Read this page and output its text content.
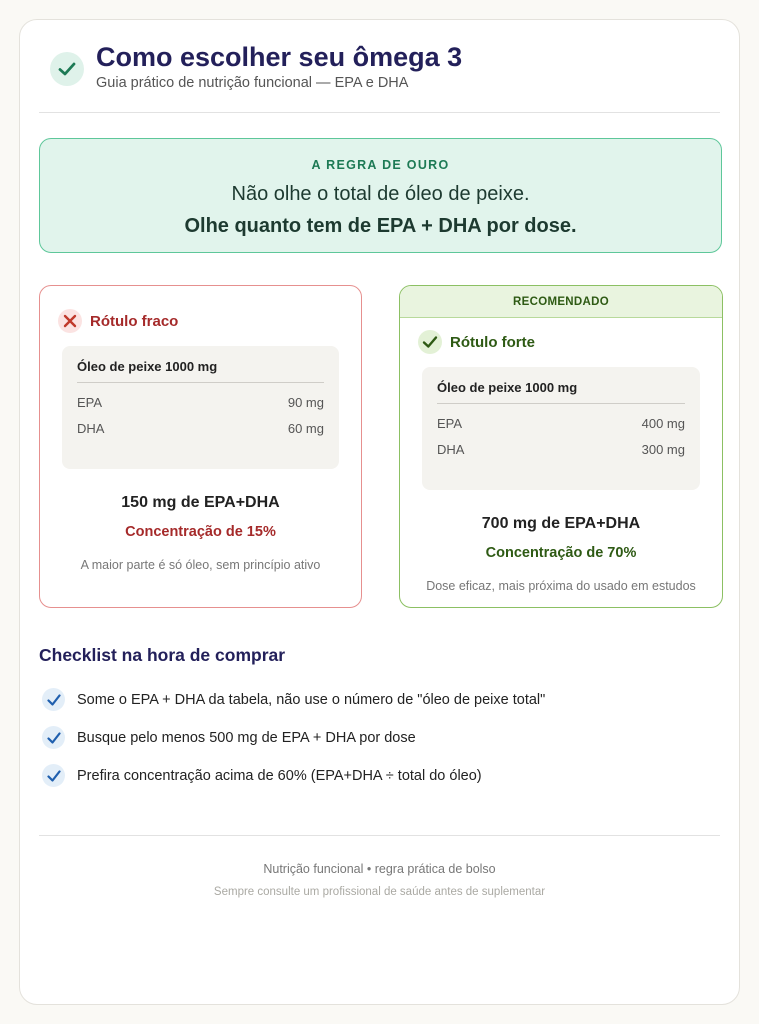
Como escolher seu ômega 3
Guia prático de nutrição funcional — EPA e DHA
A REGRA DE OURO
Não olhe o total de óleo de peixe.
Olhe quanto tem de EPA + DHA por dose.
Rótulo fraco
Óleo de peixe 1000 mg
EPA	90 mg
DHA	60 mg
150 mg de EPA+DHA
Concentração de 15%
A maior parte é só óleo, sem princípio ativo
RECOMENDADO
Rótulo forte
Óleo de peixe 1000 mg
EPA	400 mg
DHA	300 mg
700 mg de EPA+DHA
Concentração de 70%
Dose eficaz, mais próxima do usado em estudos
Checklist na hora de comprar
Some o EPA + DHA da tabela, não use o número de "óleo de peixe total"
Busque pelo menos 500 mg de EPA + DHA por dose
Prefira concentração acima de 60% (EPA+DHA ÷ total do óleo)
Nutrição funcional • regra prática de bolso
Sempre consulte um profissional de saúde antes de suplementar
